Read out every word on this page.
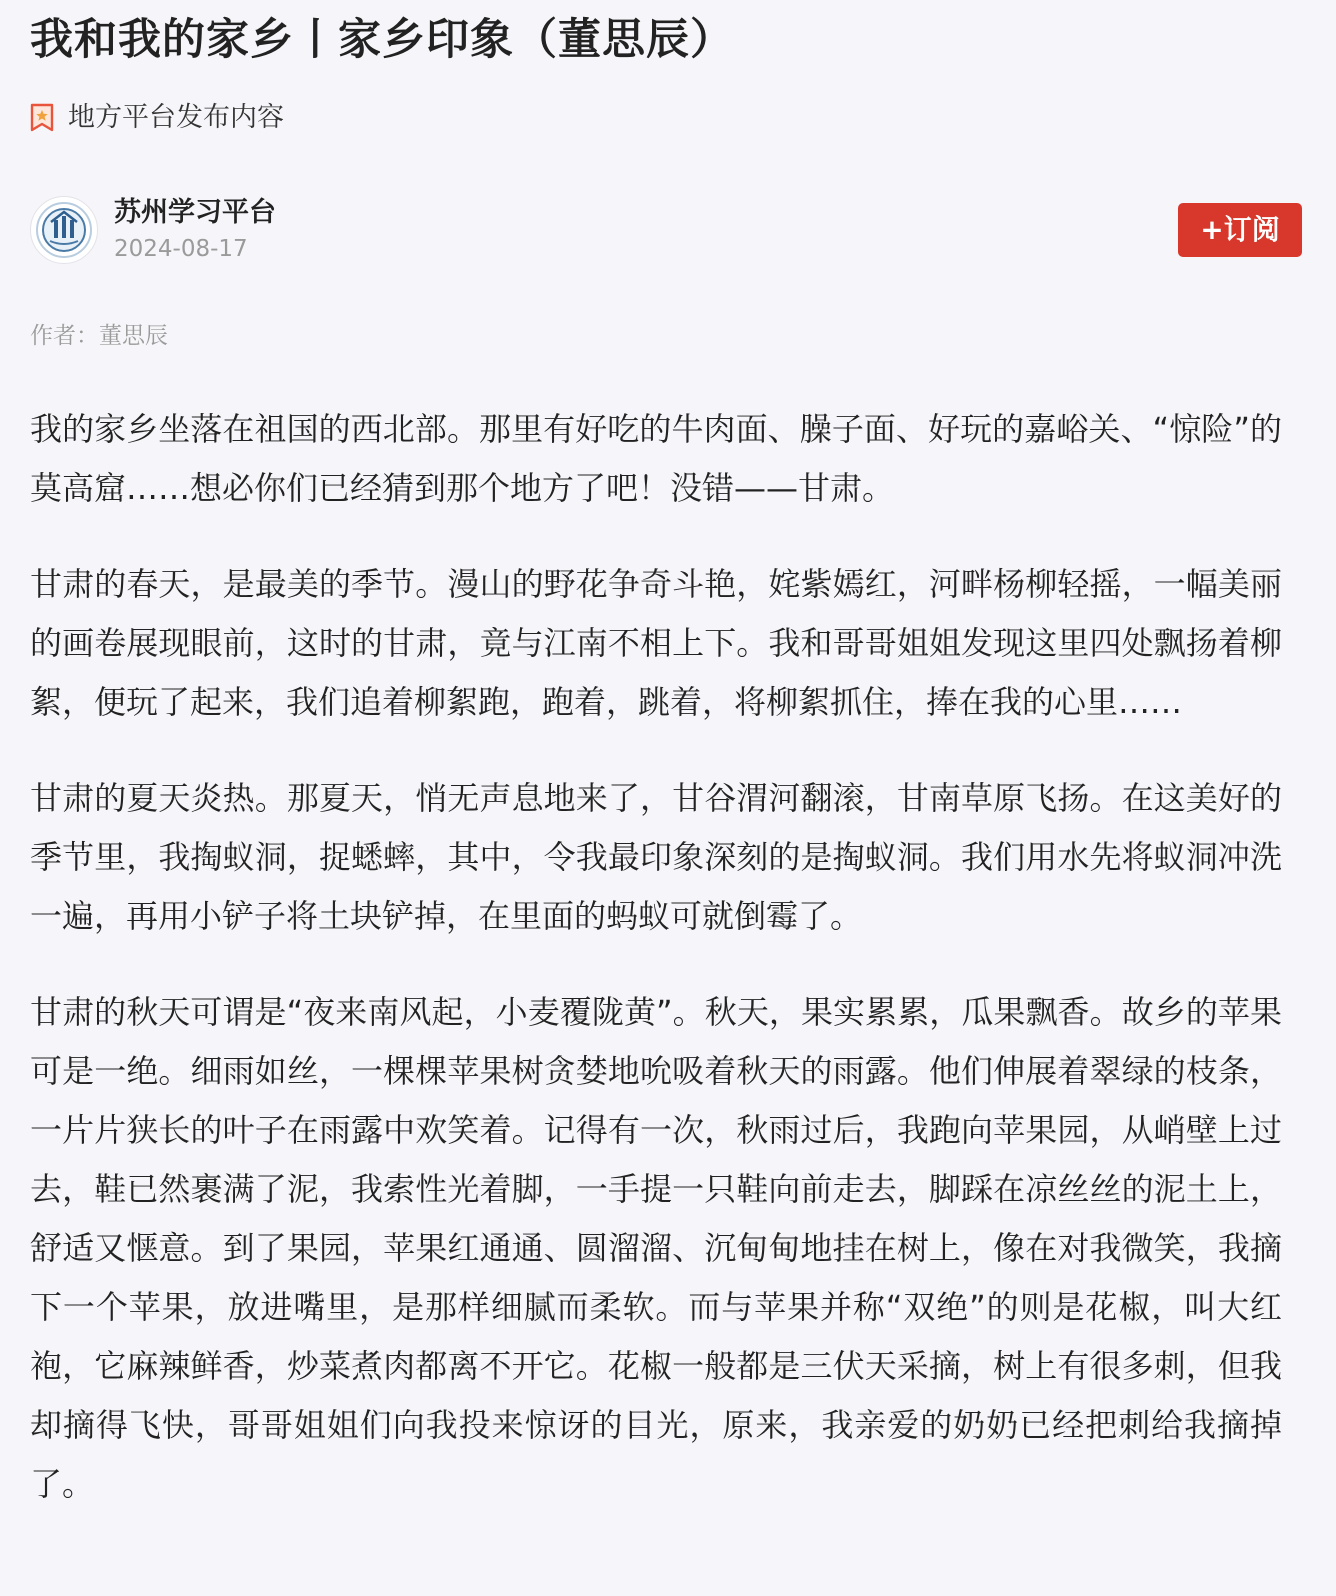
我和我的家乡丨家乡印象（董思辰）
地方平台发布内容
苏州学习平台
2024-08-17
+订阅
作者：董思辰

我的家乡坐落在祖国的西北部。那里有好吃的牛肉面、臊子面、好玩的嘉峪关、“惊险”的莫高窟……想必你们已经猜到那个地方了吧！没错——甘肃。

甘肃的春天，是最美的季节。漫山的野花争奇斗艳，姹紫嫣红，河畔杨柳轻摇，一幅美丽的画卷展现眼前，这时的甘肃，竟与江南不相上下。我和哥哥姐姐发现这里四处飘扬着柳絮，便玩了起来，我们追着柳絮跑，跑着，跳着，将柳絮抓住，捧在我的心里……

甘肃的夏天炎热。那夏天，悄无声息地来了，甘谷渭河翻滚，甘南草原飞扬。在这美好的季节里，我掏蚁洞，捉蟋蟀，其中，令我最印象深刻的是掏蚁洞。我们用水先将蚁洞冲洗一遍，再用小铲子将土块铲掉，在里面的蚂蚁可就倒霉了。

甘肃的秋天可谓是“夜来南风起，小麦覆陇黄”。秋天，果实累累，瓜果飘香。故乡的苹果可是一绝。细雨如丝，一棵棵苹果树贪婪地吮吸着秋天的雨露。他们伸展着翠绿的枝条，一片片狭长的叶子在雨露中欢笑着。记得有一次，秋雨过后，我跑向苹果园，从峭壁上过去，鞋已然裹满了泥，我索性光着脚，一手提一只鞋向前走去，脚踩在凉丝丝的泥土上，舒适又惬意。到了果园，苹果红通通、圆溜溜、沉甸甸地挂在树上，像在对我微笑，我摘下一个苹果，放进嘴里，是那样细腻而柔软。而与苹果并称“双绝”的则是花椒，叫大红袍，它麻辣鲜香，炒菜煮肉都离不开它。花椒一般都是三伏天采摘，树上有很多刺，但我却摘得飞快，哥哥姐姐们向我投来惊讶的目光，原来，我亲爱的奶奶已经把刺给我摘掉了。
